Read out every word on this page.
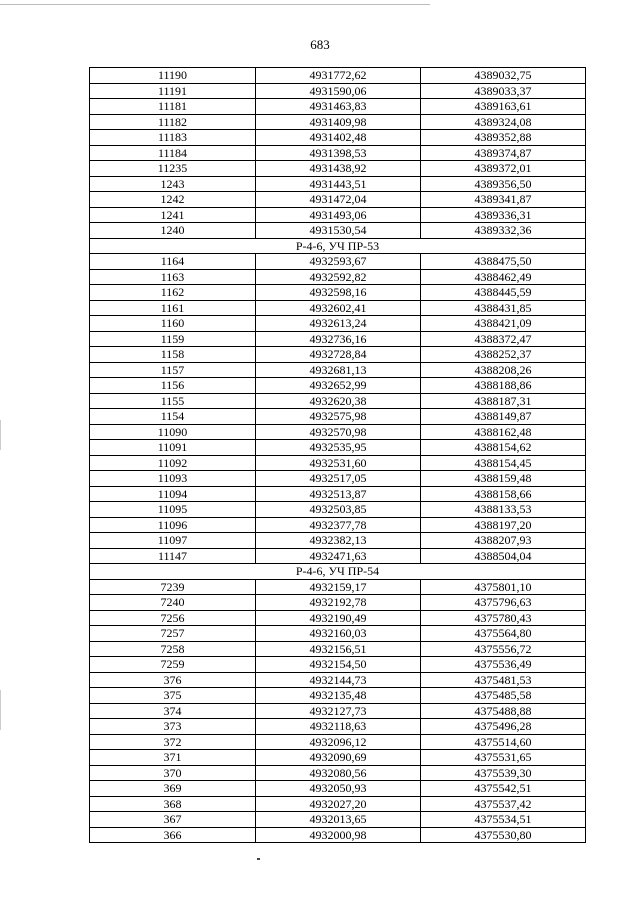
683
11190	4931772,62	4389032,75
11191	4931590,06	4389033,37
11181	4931463,83	4389163,61
11182	4931409,98	4389324,08
11183	4931402,48	4389352,88
11184	4931398,53	4389374,87
11235	4931438,92	4389372,01
1243	4931443,51	4389356,50
1242	4931472,04	4389341,87
1241	4931493,06	4389336,31
1240	4931530,54	4389332,36
Р-4-6, УЧ ПР-53		
1164	4932593,67	4388475,50
1163	4932592,82	4388462,49
1162	4932598,16	4388445,59
1161	4932602,41	4388431,85
1160	4932613,24	4388421,09
1159	4932736,16	4388372,47
1158	4932728,84	4388252,37
1157	4932681,13	4388208,26
1156	4932652,99	4388188,86
1155	4932620,38	4388187,31
1154	4932575,98	4388149,87
11090	4932570,98	4388162,48
11091	4932535,95	4388154,62
11092	4932531,60	4388154,45
11093	4932517,05	4388159,48
11094	4932513,87	4388158,66
11095	4932503,85	4388133,53
11096	4932377,78	4388197,20
11097	4932382,13	4388207,93
11147	4932471,63	4388504,04
Р-4-6, УЧ ПР-54		
7239	4932159,17	4375801,10
7240	4932192,78	4375796,63
7256	4932190,49	4375780,43
7257	4932160,03	4375564,80
7258	4932156,51	4375556,72
7259	4932154,50	4375536,49
376	4932144,73	4375481,53
375	4932135,48	4375485,58
374	4932127,73	4375488,88
373	4932118,63	4375496,28
372	4932096,12	4375514,60
371	4932090,69	4375531,65
370	4932080,56	4375539,30
369	4932050,93	4375542,51
368	4932027,20	4375537,42
367	4932013,65	4375534,51
366	4932000,98	4375530,80
